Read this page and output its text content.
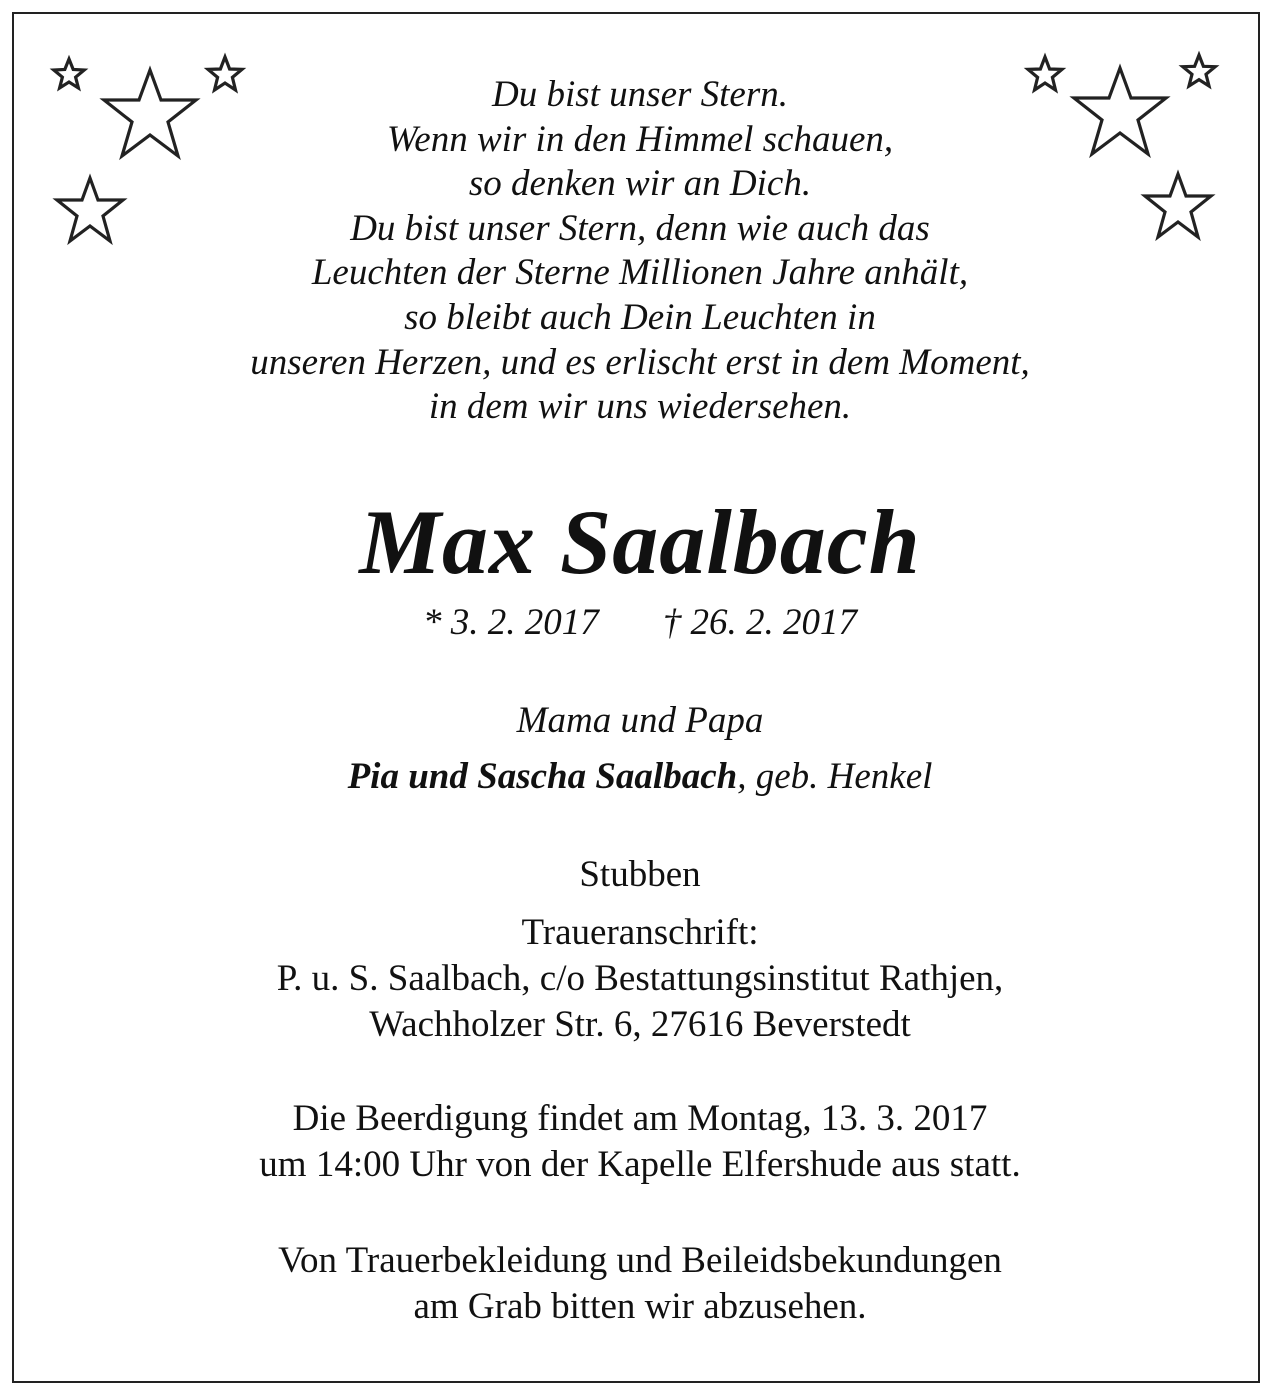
Du bist unser Stern.
Wenn wir in den Himmel schauen,
so denken wir an Dich.
Du bist unser Stern, denn wie auch das
Leuchten der Sterne Millionen Jahre anhält,
so bleibt auch Dein Leuchten in
unseren Herzen, und es erlischt erst in dem Moment,
in dem wir uns wiedersehen.
Max Saalbach
* 3. 2. 2017 † 26. 2. 2017
Mama und Papa
Pia und Sascha Saalbach, geb. Henkel
Stubben
Traueranschrift:
P. u. S. Saalbach, c/o Bestattungsinstitut Rathjen,
Wachholzer Str. 6, 27616 Beverstedt
Die Beerdigung findet am Montag, 13. 3. 2017
um 14:00 Uhr von der Kapelle Elfershude aus statt.
Von Trauerbekleidung und Beileidsbekundungen
am Grab bitten wir abzusehen.
